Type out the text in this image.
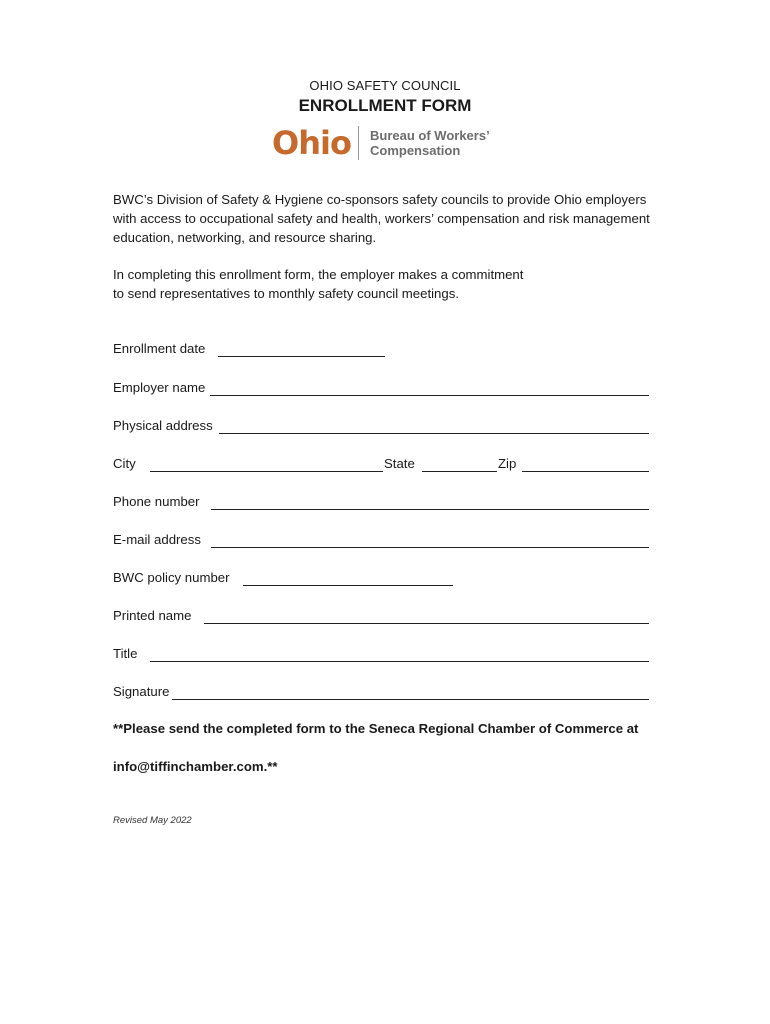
OHIO SAFETY COUNCIL
ENROLLMENT FORM
Ohio Bureau of Workers’
Compensation
BWC’s Division of Safety & Hygiene co-sponsors safety councils to provide Ohio employers with access to occupational safety and health, workers’ compensation and risk management education, networking, and resource sharing.
In completing this enrollment form, the employer makes a commitment
to send representatives to monthly safety council meetings.
Enrollment date
Employer name
Physical address
City	State	Zip
Phone number
E-mail address
BWC policy number
Printed name
Title
Signature
**Please send the completed form to the Seneca Regional Chamber of Commerce at
info@tiffinchamber.com.**
Revised May 2022
